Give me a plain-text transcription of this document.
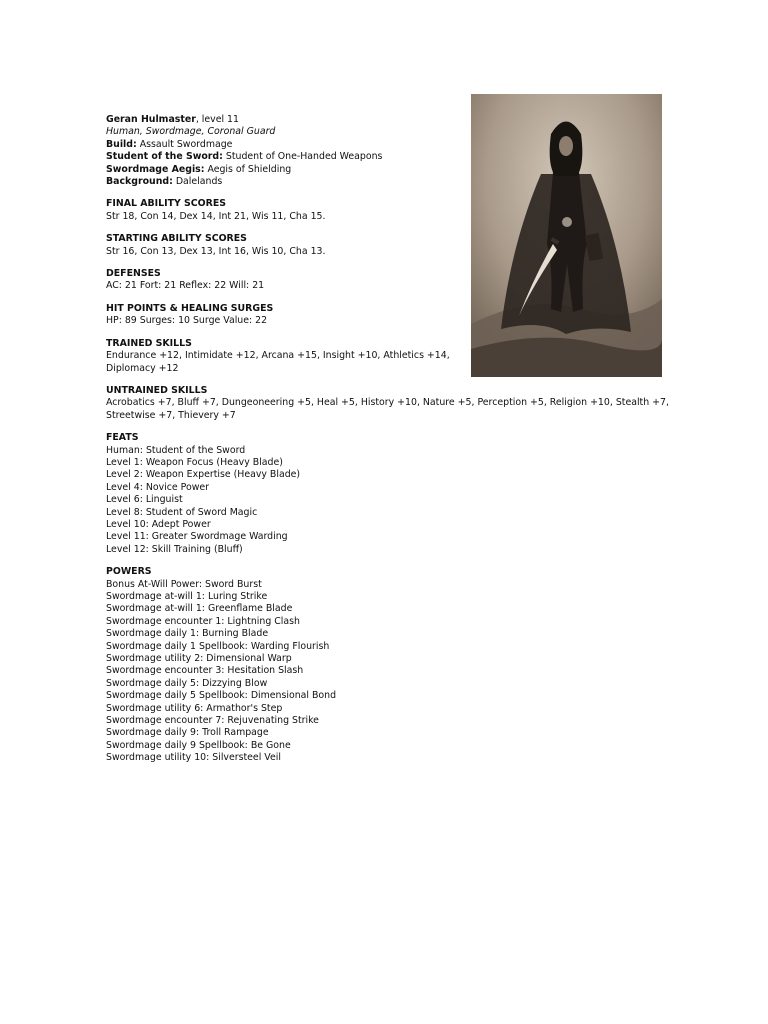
Geran Hulmaster, level 11
Human, Swordmage, Coronal Guard
Build: Assault Swordmage
Student of the Sword: Student of One-Handed Weapons
Swordmage Aegis: Aegis of Shielding
Background: Dalelands
FINAL ABILITY SCORES
Str 18, Con 14, Dex 14, Int 21, Wis 11, Cha 15.
STARTING ABILITY SCORES
Str 16, Con 13, Dex 13, Int 16, Wis 10, Cha 13.
DEFENSES
AC: 21 Fort: 21 Reflex: 22 Will: 21
HIT POINTS & HEALING SURGES
HP: 89 Surges: 10 Surge Value: 22
TRAINED SKILLS
Endurance +12, Intimidate +12, Arcana +15, Insight +10, Athletics +14,
Diplomacy +12
UNTRAINED SKILLS
Acrobatics +7, Bluff +7, Dungeoneering +5, Heal +5, History +10, Nature +5, Perception +5, Religion +10, Stealth +7,
Streetwise +7, Thievery +7
FEATS
Human: Student of the Sword
Level 1: Weapon Focus (Heavy Blade)
Level 2: Weapon Expertise (Heavy Blade)
Level 4: Novice Power
Level 6: Linguist
Level 8: Student of Sword Magic
Level 10: Adept Power
Level 11: Greater Swordmage Warding
Level 12: Skill Training (Bluff)
POWERS
Bonus At-Will Power: Sword Burst
Swordmage at-will 1: Luring Strike
Swordmage at-will 1: Greenflame Blade
Swordmage encounter 1: Lightning Clash
Swordmage daily 1: Burning Blade
Swordmage daily 1 Spellbook: Warding Flourish
Swordmage utility 2: Dimensional Warp
Swordmage encounter 3: Hesitation Slash
Swordmage daily 5: Dizzying Blow
Swordmage daily 5 Spellbook: Dimensional Bond
Swordmage utility 6: Armathor's Step
Swordmage encounter 7: Rejuvenating Strike
Swordmage daily 9: Troll Rampage
Swordmage daily 9 Spellbook: Be Gone
Swordmage utility 10: Silversteel Veil
